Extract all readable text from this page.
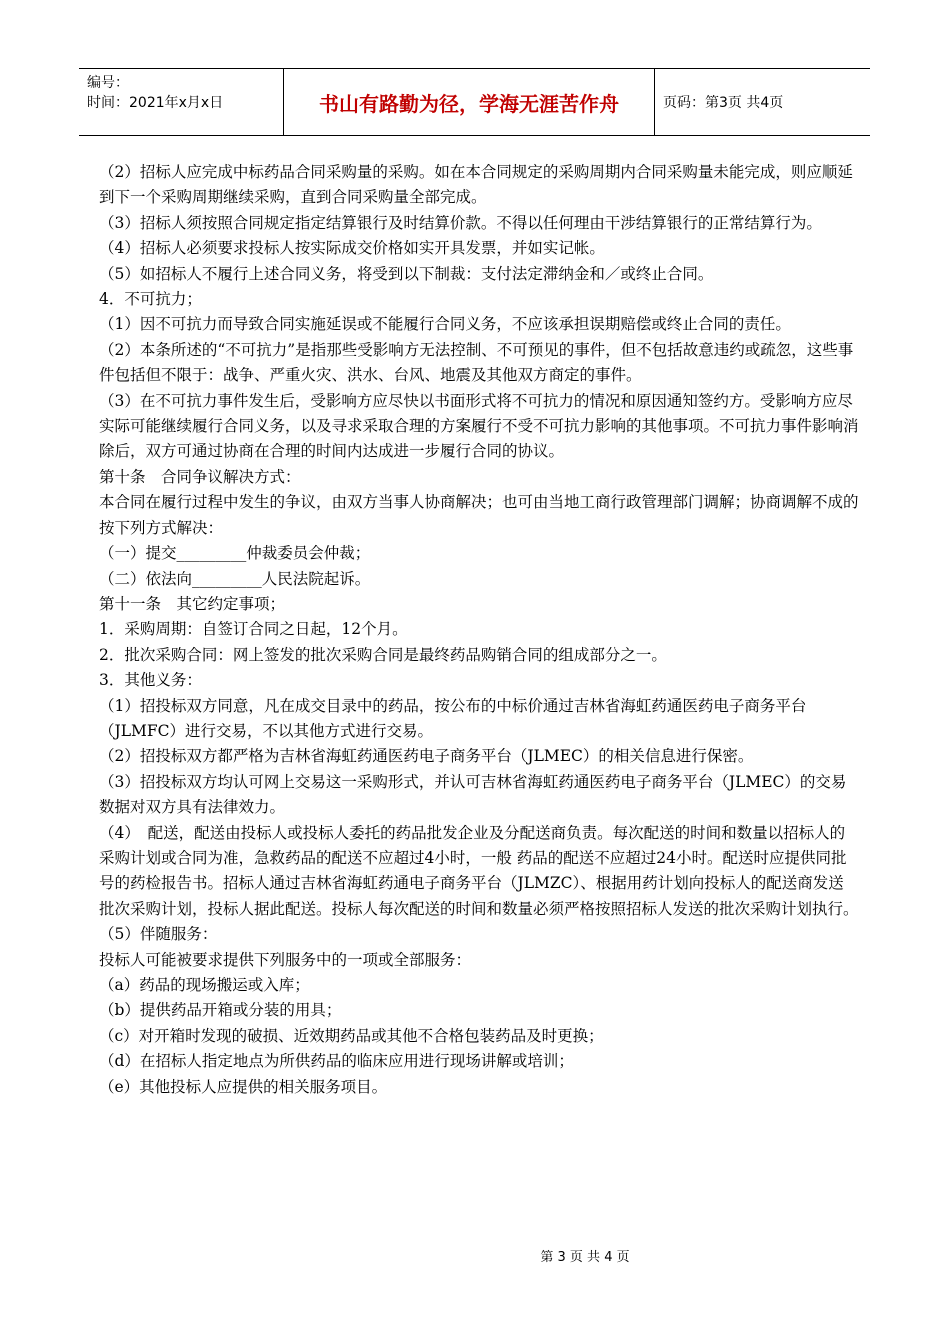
编号：
时间：2021年x月x日	书山有路勤为径，学海无涯苦作舟	页码：第3页 共4页

（2）招标人应完成中标药品合同采购量的采购。如在本合同规定的采购周期内合同采购量未能完成，则应顺延到下一个采购周期继续采购，直到合同采购量全部完成。

（3）招标人须按照合同规定指定结算银行及时结算价款。不得以任何理由干涉结算银行的正常结算行为。

（4）招标人必须要求投标人按实际成交价格如实开具发票，并如实记帐。

（5）如招标人不履行上述合同义务，将受到以下制裁：支付法定滞纳金和／或终止合同。

4．不可抗力；

（1）因不可抗力而导致合同实施延误或不能履行合同义务，不应该承担误期赔偿或终止合同的责任。

（2）本条所述的“不可抗力”是指那些受影响方无法控制、不可预见的事件，但不包括故意违约或疏忽，这些事件包括但不限于：战争、严重火灾、洪水、台风、地震及其他双方商定的事件。

（3）在不可抗力事件发生后，受影响方应尽快以书面形式将不可抗力的情况和原因通知签约方。受影响方应尽实际可能继续履行合同义务，以及寻求采取合理的方案履行不受不可抗力影响的其他事项。不可抗力事件影响消除后，双方可通过协商在合理的时间内达成进一步履行合同的协议。

第十条　合同争议解决方式：

本合同在履行过程中发生的争议，由双方当事人协商解决；也可由当地工商行政管理部门调解；协商调解不成的按下列方式解决：

（一）提交_________仲裁委员会仲裁；

（二）依法向_________人民法院起诉。

第十一条　其它约定事项；

1．采购周期：自签订合同之日起，12个月。

2．批次采购合同：网上签发的批次采购合同是最终药品购销合同的组成部分之一。

3．其他义务：

（1）招投标双方同意，凡在成交目录中的药品，按公布的中标价通过吉林省海虹药通医药电子商务平台（JLMFC）进行交易，不以其他方式进行交易。

（2）招投标双方都严格为吉林省海虹药通医药电子商务平台（JLMEC）的相关信息进行保密。

（3）招投标双方均认可网上交易这一采购形式，并认可吉林省海虹药通医药电子商务平台（JLMEC）的交易数据对双方具有法律效力。

（4）　配送，配送由投标人或投标人委托的药品批发企业及分配送商负责。每次配送的时间和数量以招标人的采购计划或合同为准，急救药品的配送不应超过4小时，一般 药品的配送不应超过24小时。配送时应提供同批号的药检报告书。招标人通过吉林省海虹药通电子商务平台（JLMZC）、根据用药计划向投标人的配送商发送 批次采购计划，投标人据此配送。投标人每次配送的时间和数量必须严格按照招标人发送的批次采购计划执行。

（5）伴随服务：

投标人可能被要求提供下列服务中的一项或全部服务：

（a）药品的现场搬运或入库；

（b）提供药品开箱或分装的用具；

（c）对开箱时发现的破损、近效期药品或其他不合格包装药品及时更换；

（d）在招标人指定地点为所供药品的临床应用进行现场讲解或培训；

（e）其他投标人应提供的相关服务项目。

第 3 页 共 4 页
